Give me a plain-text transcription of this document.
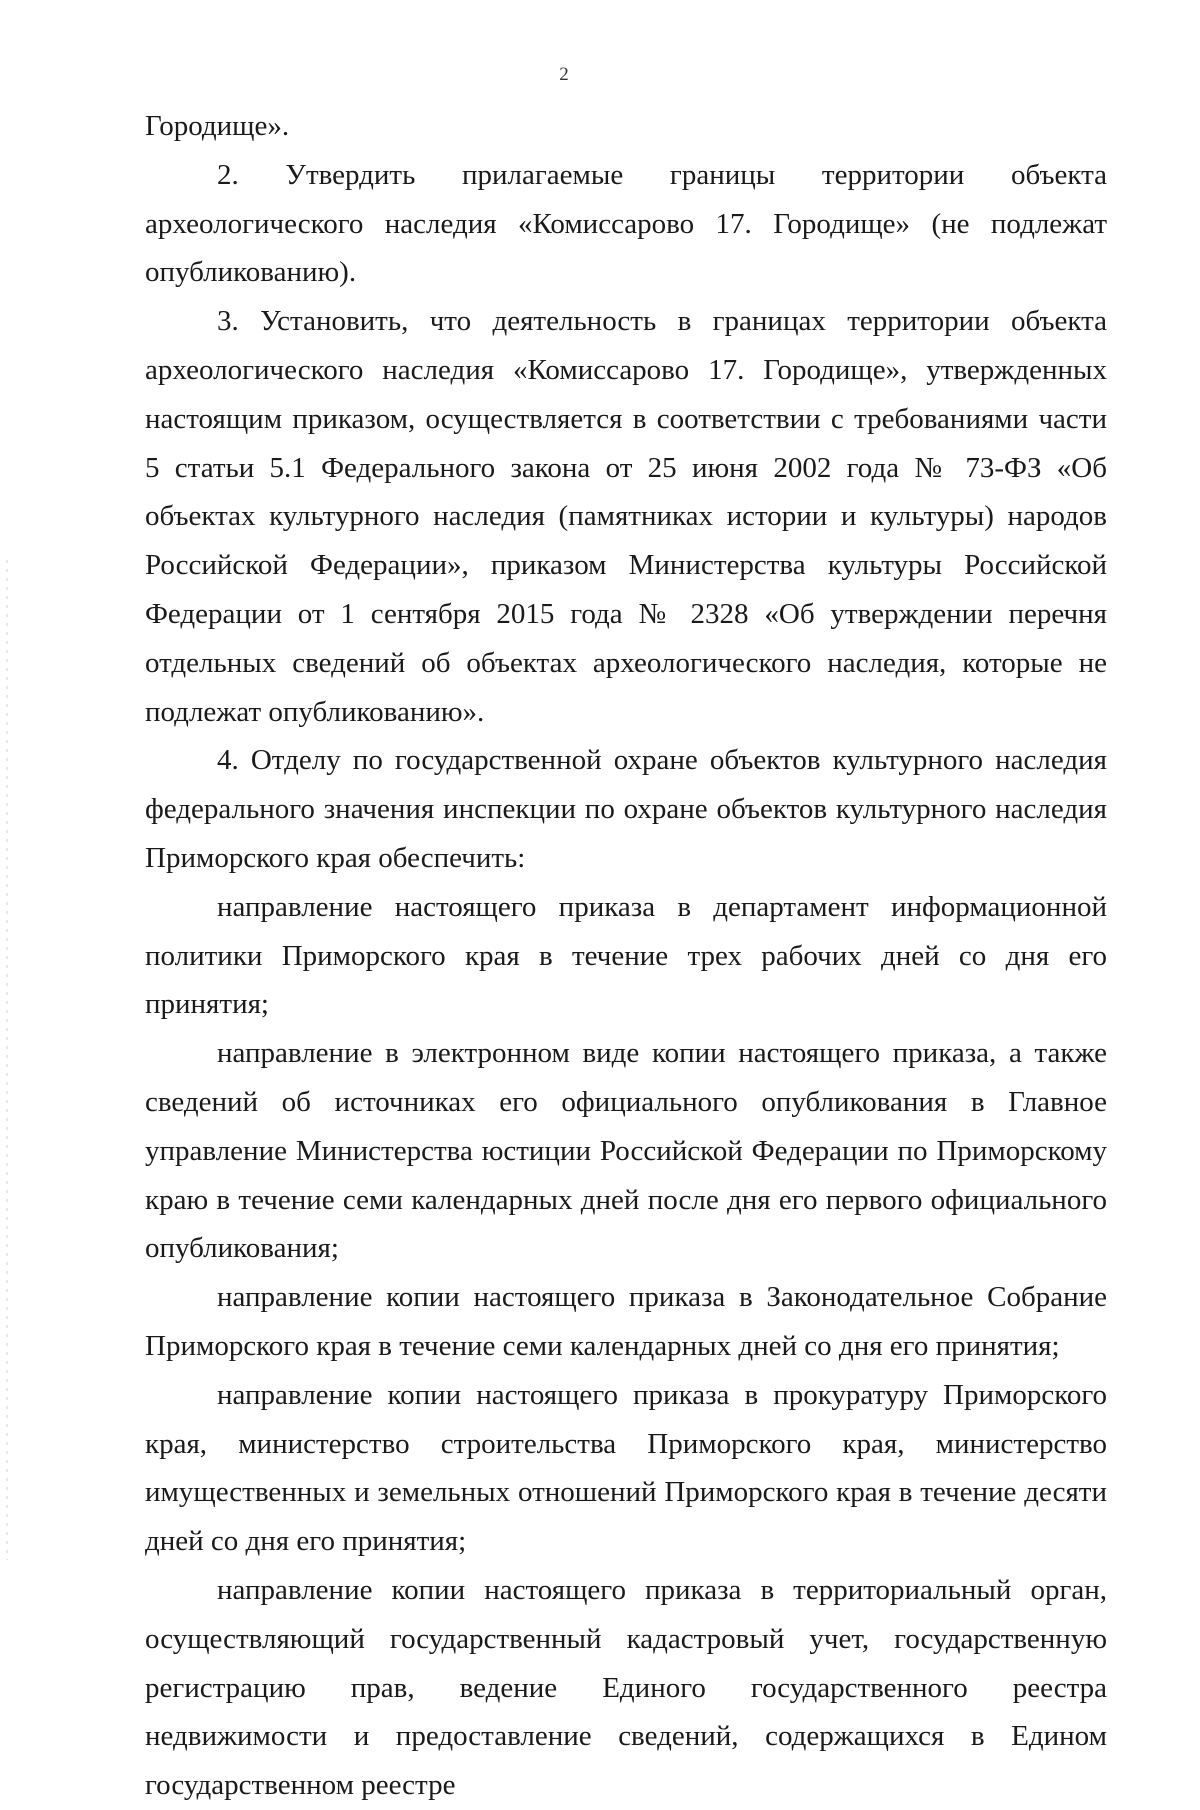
2

Городище».

2. Утвердить прилагаемые границы территории объекта археологического наследия «Комиссарово 17. Городище» (не подлежат опубликованию).

3. Установить, что деятельность в границах территории объекта археологического наследия «Комиссарово 17. Городище», утвержденных настоящим приказом, осуществляется в соответствии с требованиями части 5 статьи 5.1 Федерального закона от 25 июня 2002 года № 73-ФЗ «Об объектах культурного наследия (памятниках истории и культуры) народов Российской Федерации», приказом Министерства культуры Российской Федерации от 1 сентября 2015 года № 2328 «Об утверждении перечня отдельных сведений об объектах археологического наследия, которые не подлежат опубликованию».

4. Отделу по государственной охране объектов культурного наследия федерального значения инспекции по охране объектов культурного наследия Приморского края обеспечить:

направление настоящего приказа в департамент информационной политики Приморского края в течение трех рабочих дней со дня его принятия;

направление в электронном виде копии настоящего приказа, а также сведений об источниках его официального опубликования в Главное управление Министерства юстиции Российской Федерации по Приморскому краю в течение семи календарных дней после дня его первого официального опубликования;

направление копии настоящего приказа в Законодательное Собрание Приморского края в течение семи календарных дней со дня его принятия;

направление копии настоящего приказа в прокуратуру Приморского края, министерство строительства Приморского края, министерство имущественных и земельных отношений Приморского края в течение десяти дней со дня его принятия;

направление копии настоящего приказа в территориальный орган, осуществляющий государственный кадастровый учет, государственную регистрацию прав, ведение Единого государственного реестра недвижимости и предоставление сведений, содержащихся в Едином государственном реестре
